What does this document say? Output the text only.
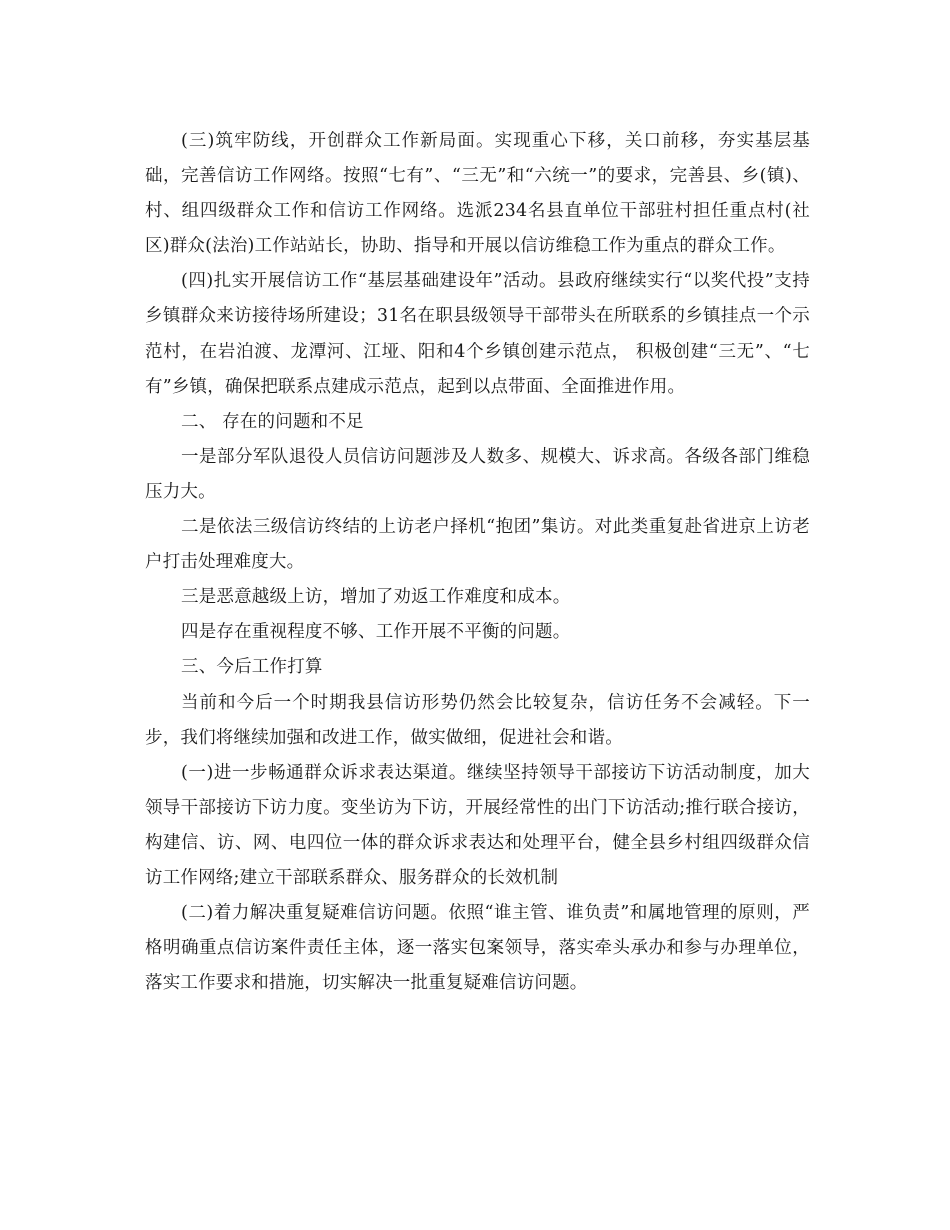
(三)筑牢防线，开创群众工作新局面。实现重心下移，关口前移，夯实基层基础，完善信访工作网络。按照“七有”、“三无”和“六统一”的要求，完善县、乡(镇)、村、组四级群众工作和信访工作网络。选派234名县直单位干部驻村担任重点村(社区)群众(法治)工作站站长，协助、指导和开展以信访维稳工作为重点的群众工作。

(四)扎实开展信访工作“基层基础建设年”活动。县政府继续实行“以奖代投”支持乡镇群众来访接待场所建设；31名在职县级领导干部带头在所联系的乡镇挂点一个示范村，在岩泊渡、龙潭河、江垭、阳和4个乡镇创建示范点， 积极创建“三无”、“七有”乡镇，确保把联系点建成示范点，起到以点带面、全面推进作用。

二、 存在的问题和不足

一是部分军队退役人员信访问题涉及人数多、规模大、诉求高。各级各部门维稳压力大。

二是依法三级信访终结的上访老户择机“抱团”集访。对此类重复赴省进京上访老户打击处理难度大。

三是恶意越级上访，增加了劝返工作难度和成本。

四是存在重视程度不够、工作开展不平衡的问题。

三、今后工作打算

当前和今后一个时期我县信访形势仍然会比较复杂，信访任务不会减轻。下一步，我们将继续加强和改进工作，做实做细，促进社会和谐。

(一)进一步畅通群众诉求表达渠道。继续坚持领导干部接访下访活动制度，加大领导干部接访下访力度。变坐访为下访，开展经常性的出门下访活动;推行联合接访，构建信、访、网、电四位一体的群众诉求表达和处理平台，健全县乡村组四级群众信访工作网络;建立干部联系群众、服务群众的长效机制

(二)着力解决重复疑难信访问题。依照“谁主管、谁负责”和属地管理的原则，严格明确重点信访案件责任主体，逐一落实包案领导，落实牵头承办和参与办理单位，落实工作要求和措施，切实解决一批重复疑难信访问题。
